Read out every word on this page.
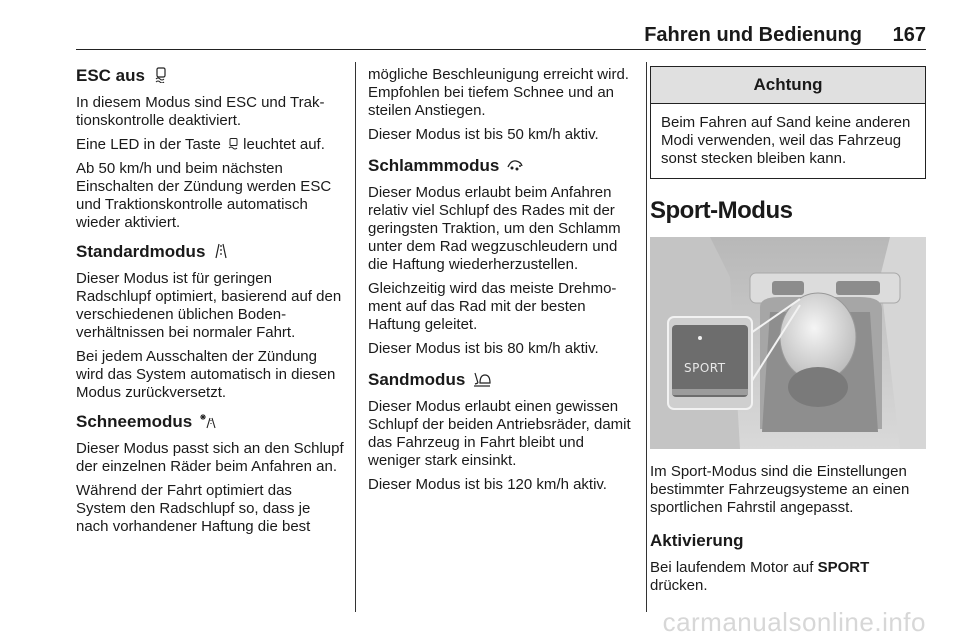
Fahren und Bedienung 167
ESC aus

In diesem Modus sind ESC und Traktionskontrolle deaktiviert.

Eine LED in der Taste leuchtet auf.

Ab 50 km/h und beim nächsten Einschalten der Zündung werden ESC und Traktionskontrolle automatisch wieder aktiviert.

Standardmodus

Dieser Modus ist für geringen Radschlupf optimiert, basierend auf den verschiedenen üblichen Bodenverhältnissen bei normaler Fahrt.

Bei jedem Ausschalten der Zündung wird das System automatisch in diesen Modus zurückversetzt.

Schneemodus

Dieser Modus passt sich an den Schlupf der einzelnen Räder beim Anfahren an.

Während der Fahrt optimiert das System den Radschlupf so, dass je nach vorhandener Haftung die best

mögliche Beschleunigung erreicht wird. Empfohlen bei tiefem Schnee und an steilen Anstiegen.

Dieser Modus ist bis 50 km/h aktiv.

Schlammmodus

Dieser Modus erlaubt beim Anfahren relativ viel Schlupf des Rades mit der geringsten Traktion, um den Schlamm unter dem Rad wegzuschleudern und die Haftung wiederherzustellen.

Gleichzeitig wird das meiste Drehmoment auf das Rad mit der besten Haftung geleitet.

Dieser Modus ist bis 80 km/h aktiv.

Sandmodus

Dieser Modus erlaubt einen gewissen Schlupf der beiden Antriebsräder, damit das Fahrzeug in Fahrt bleibt und weniger stark einsinkt.

Dieser Modus ist bis 120 km/h aktiv.

Achtung
Beim Fahren auf Sand keine anderen Modi verwenden, weil das Fahrzeug sonst stecken bleiben kann.
Sport-Modus
SPORT

Im Sport-Modus sind die Einstellungen bestimmter Fahrzeugsysteme an einen sportlichen Fahrstil angepasst.

Aktivierung

Bei laufendem Motor auf SPORT drücken.

carmanualsonline.info
